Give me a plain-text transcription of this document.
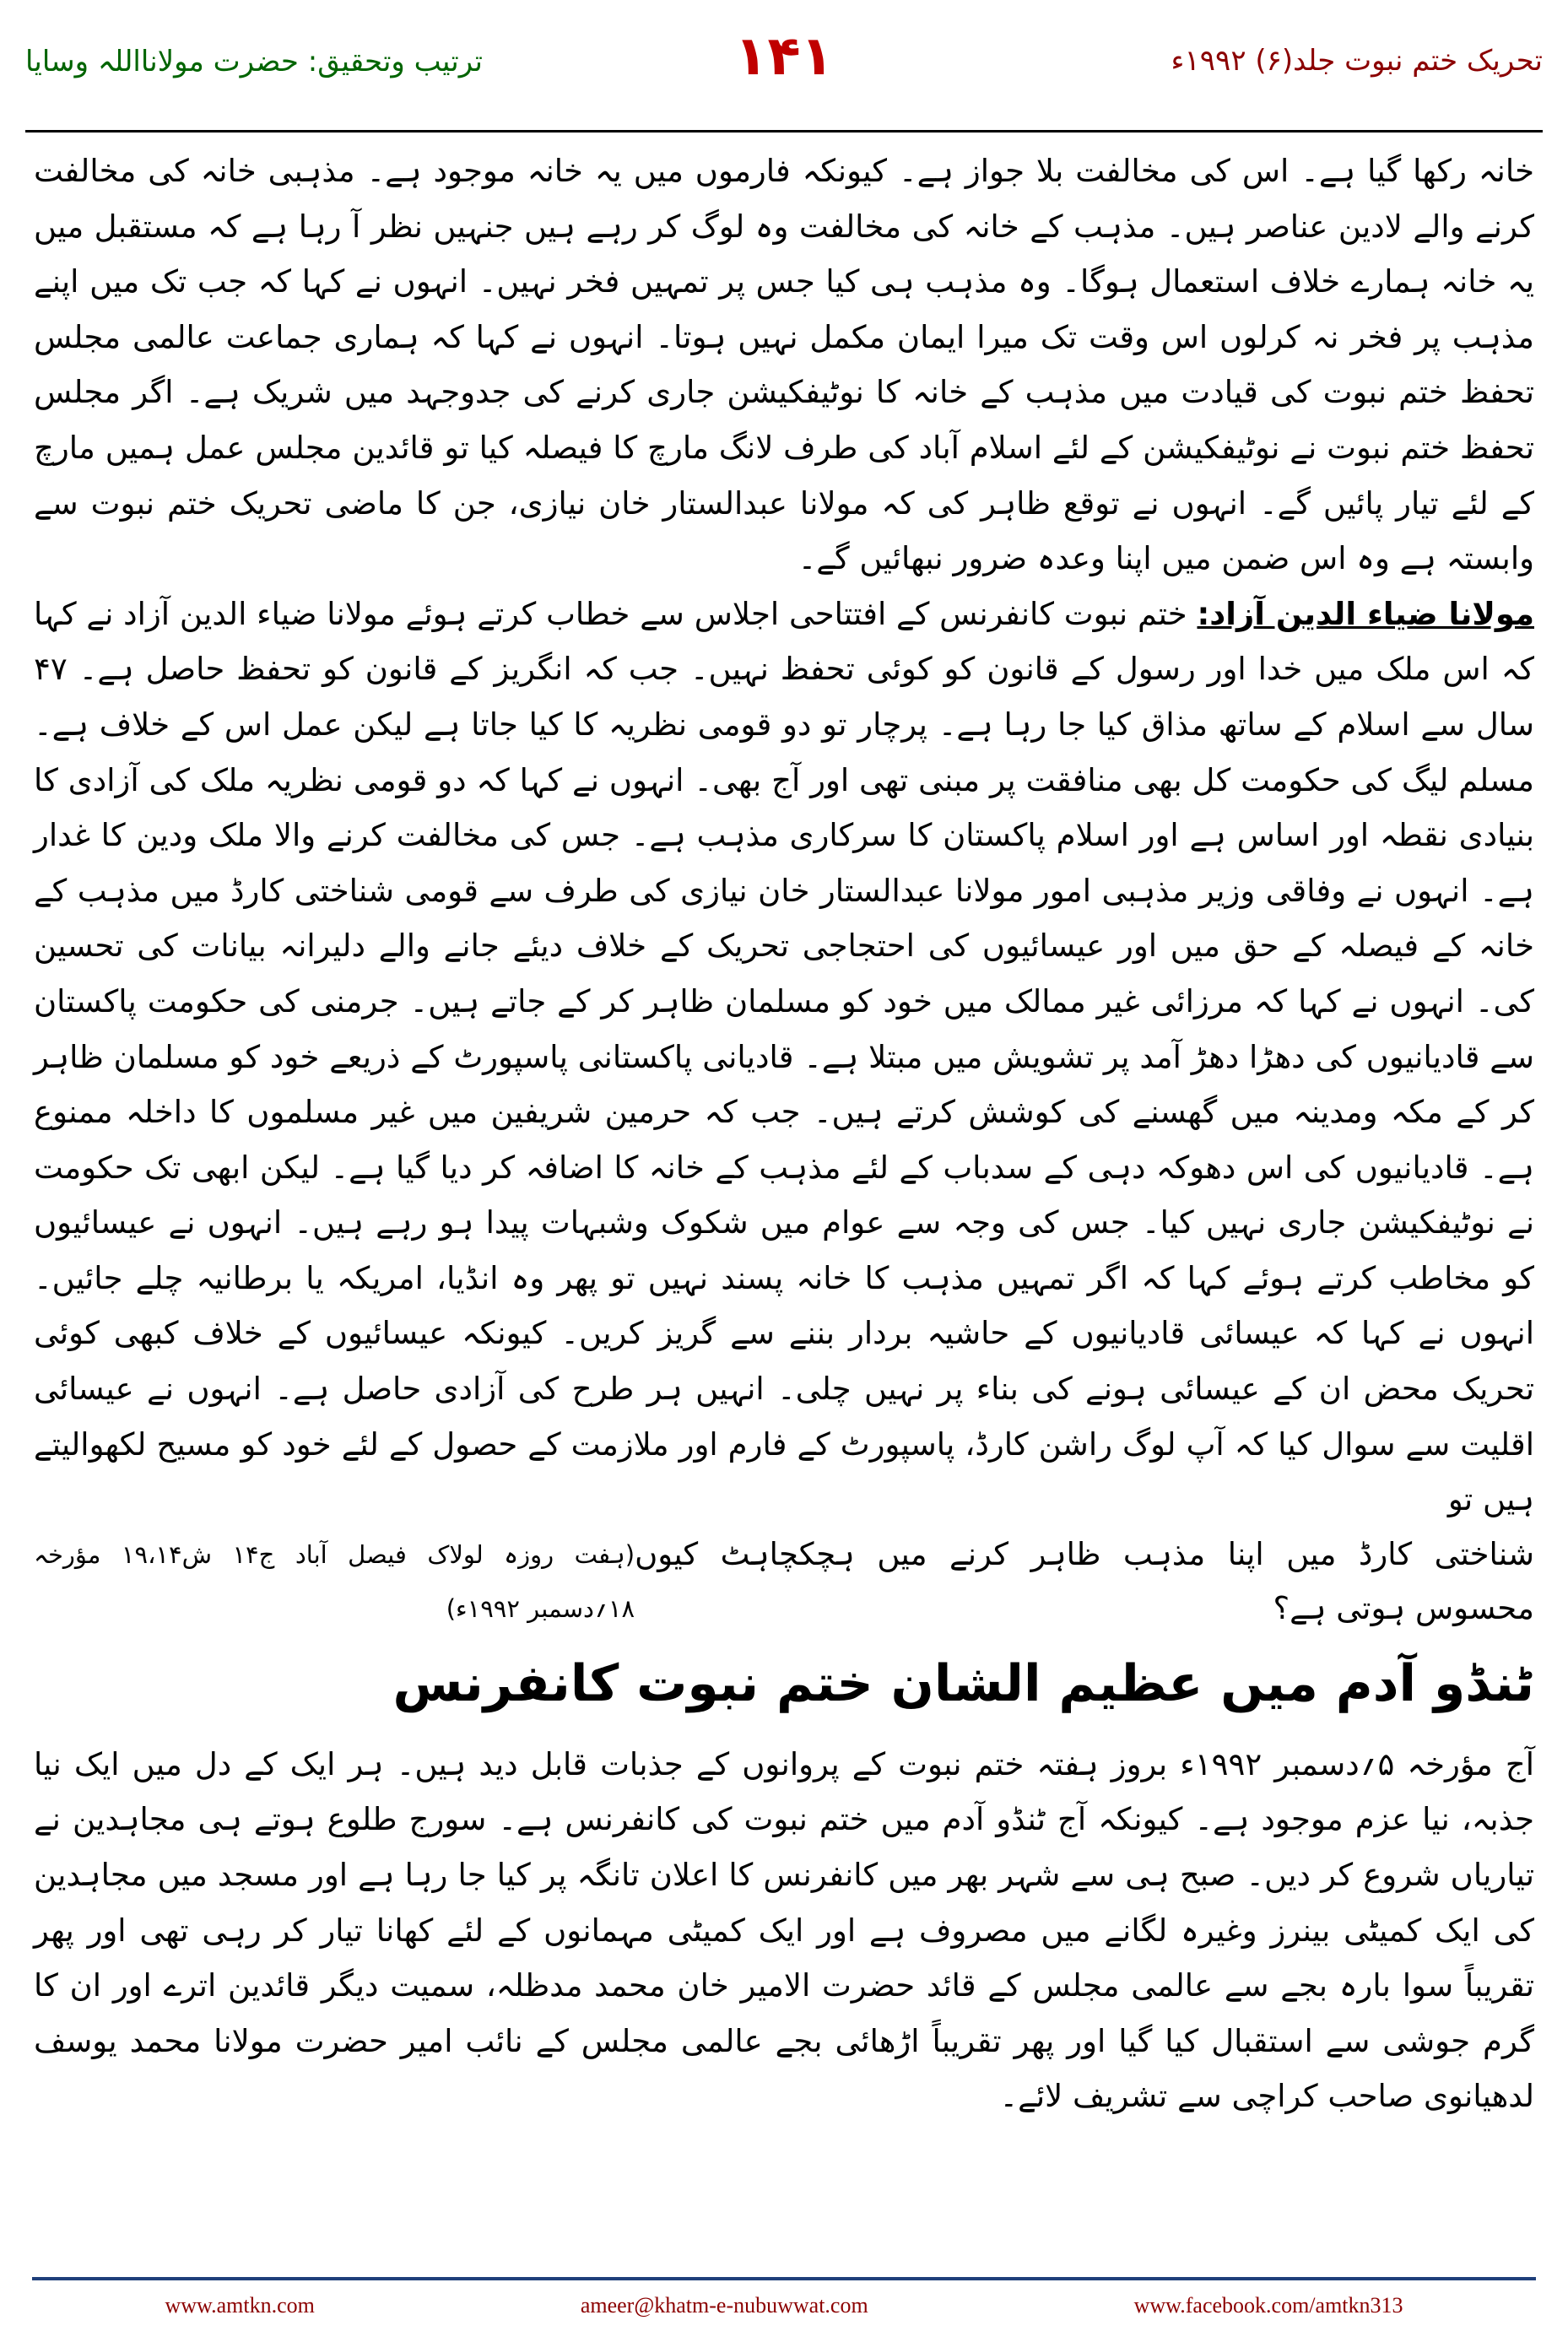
تحریک ختم نبوت جلد(۶) ۱۹۹۲ء
۱۴۱
ترتیب وتحقیق: حضرت مولانااللہ وسایا

خانہ رکھا گیا ہے۔ اس کی مخالفت بلا جواز ہے۔ کیونکہ فارموں میں یہ خانہ موجود ہے۔ مذہبی خانہ کی مخالفت کرنے والے لادین عناصر ہیں۔ مذہب کے خانہ کی مخالفت وہ لوگ کر رہے ہیں جنہیں نظر آ رہا ہے کہ مستقبل میں یہ خانہ ہمارے خلاف استعمال ہوگا۔ وہ مذہب ہی کیا جس پر تمہیں فخر نہیں۔ انہوں نے کہا کہ جب تک میں اپنے مذہب پر فخر نہ کرلوں اس وقت تک میرا ایمان مکمل نہیں ہوتا۔ انہوں نے کہا کہ ہماری جماعت عالمی مجلس تحفظ ختم نبوت کی قیادت میں مذہب کے خانہ کا نوٹیفکیشن جاری کرنے کی جدوجہد میں شریک ہے۔ اگر مجلس تحفظ ختم نبوت نے نوٹیفکیشن کے لئے اسلام آباد کی طرف لانگ مارچ کا فیصلہ کیا تو قائدین مجلس عمل ہمیں مارچ کے لئے تیار پائیں گے۔ انہوں نے توقع ظاہر کی کہ مولانا عبدالستار خان نیازی، جن کا ماضی تحریک ختم نبوت سے وابستہ ہے وہ اس ضمن میں اپنا وعدہ ضرور نبھائیں گے۔

مولانا ضیاء الدین آزاد: ختم نبوت کانفرنس کے افتتاحی اجلاس سے خطاب کرتے ہوئے مولانا ضیاء الدین آزاد نے کہا کہ اس ملک میں خدا اور رسول کے قانون کو کوئی تحفظ نہیں۔ جب کہ انگریز کے قانون کو تحفظ حاصل ہے۔ ۴۷ سال سے اسلام کے ساتھ مذاق کیا جا رہا ہے۔ پرچار تو دو قومی نظریہ کا کیا جاتا ہے لیکن عمل اس کے خلاف ہے۔ مسلم لیگ کی حکومت کل بھی منافقت پر مبنی تھی اور آج بھی۔ انہوں نے کہا کہ دو قومی نظریہ ملک کی آزادی کا بنیادی نقطہ اور اساس ہے اور اسلام پاکستان کا سرکاری مذہب ہے۔ جس کی مخالفت کرنے والا ملک ودین کا غدار ہے۔ انہوں نے وفاقی وزیر مذہبی امور مولانا عبدالستار خان نیازی کی طرف سے قومی شناختی کارڈ میں مذہب کے خانہ کے فیصلہ کے حق میں اور عیسائیوں کی احتجاجی تحریک کے خلاف دیئے جانے والے دلیرانہ بیانات کی تحسین کی۔ انہوں نے کہا کہ مرزائی غیر ممالک میں خود کو مسلمان ظاہر کر کے جاتے ہیں۔ جرمنی کی حکومت پاکستان سے قادیانیوں کی دھڑا دھڑ آمد پر تشویش میں مبتلا ہے۔ قادیانی پاکستانی پاسپورٹ کے ذریعے خود کو مسلمان ظاہر کر کے مکہ ومدینہ میں گھسنے کی کوشش کرتے ہیں۔ جب کہ حرمین شریفین میں غیر مسلموں کا داخلہ ممنوع ہے۔ قادیانیوں کی اس دھوکہ دہی کے سدباب کے لئے مذہب کے خانہ کا اضافہ کر دیا گیا ہے۔ لیکن ابھی تک حکومت نے نوٹیفکیشن جاری نہیں کیا۔ جس کی وجہ سے عوام میں شکوک وشبہات پیدا ہو رہے ہیں۔ انہوں نے عیسائیوں کو مخاطب کرتے ہوئے کہا کہ اگر تمہیں مذہب کا خانہ پسند نہیں تو پھر وہ انڈیا، امریکہ یا برطانیہ چلے جائیں۔ انہوں نے کہا کہ عیسائی قادیانیوں کے حاشیہ بردار بننے سے گریز کریں۔ کیونکہ عیسائیوں کے خلاف کبھی کوئی تحریک محض ان کے عیسائی ہونے کی بناء پر نہیں چلی۔ انہیں ہر طرح کی آزادی حاصل ہے۔ انہوں نے عیسائی اقلیت سے سوال کیا کہ آپ لوگ راشن کارڈ، پاسپورٹ کے فارم اور ملازمت کے حصول کے لئے خود کو مسیح لکھوالیتے ہیں تو

شناختی کارڈ میں اپنا مذہب ظاہر کرنے میں ہچکچاہٹ کیوں محسوس ہوتی ہے؟
(ہفت روزہ لولاک فیصل آباد ج۱۴ ش۱۹،۱۴ مؤرخہ ۱۸؍دسمبر ۱۹۹۲ء)
ٹنڈو آدم میں عظیم الشان ختم نبوت کانفرنس

آج مؤرخہ ۵؍دسمبر ۱۹۹۲ء بروز ہفتہ ختم نبوت کے پروانوں کے جذبات قابل دید ہیں۔ ہر ایک کے دل میں ایک نیا جذبہ، نیا عزم موجود ہے۔ کیونکہ آج ٹنڈو آدم میں ختم نبوت کی کانفرنس ہے۔ سورج طلوع ہوتے ہی مجاہدین نے تیاریاں شروع کر دیں۔ صبح ہی سے شہر بھر میں کانفرنس کا اعلان تانگہ پر کیا جا رہا ہے اور مسجد میں مجاہدین کی ایک کمیٹی بینرز وغیرہ لگانے میں مصروف ہے اور ایک کمیٹی مہمانوں کے لئے کھانا تیار کر رہی تھی اور پھر تقریباً سوا بارہ بجے سے عالمی مجلس کے قائد حضرت الامیر خان محمد مدظلہ، سمیت دیگر قائدین اترے اور ان کا گرم جوشی سے استقبال کیا گیا اور پھر تقریباً اڑھائی بجے عالمی مجلس کے نائب امیر حضرت مولانا محمد یوسف لدھیانوی صاحب کراچی سے تشریف لائے۔

www.amtkn.com	ameer@khatm-e-nubuwwat.com	www.facebook.com/amtkn313
